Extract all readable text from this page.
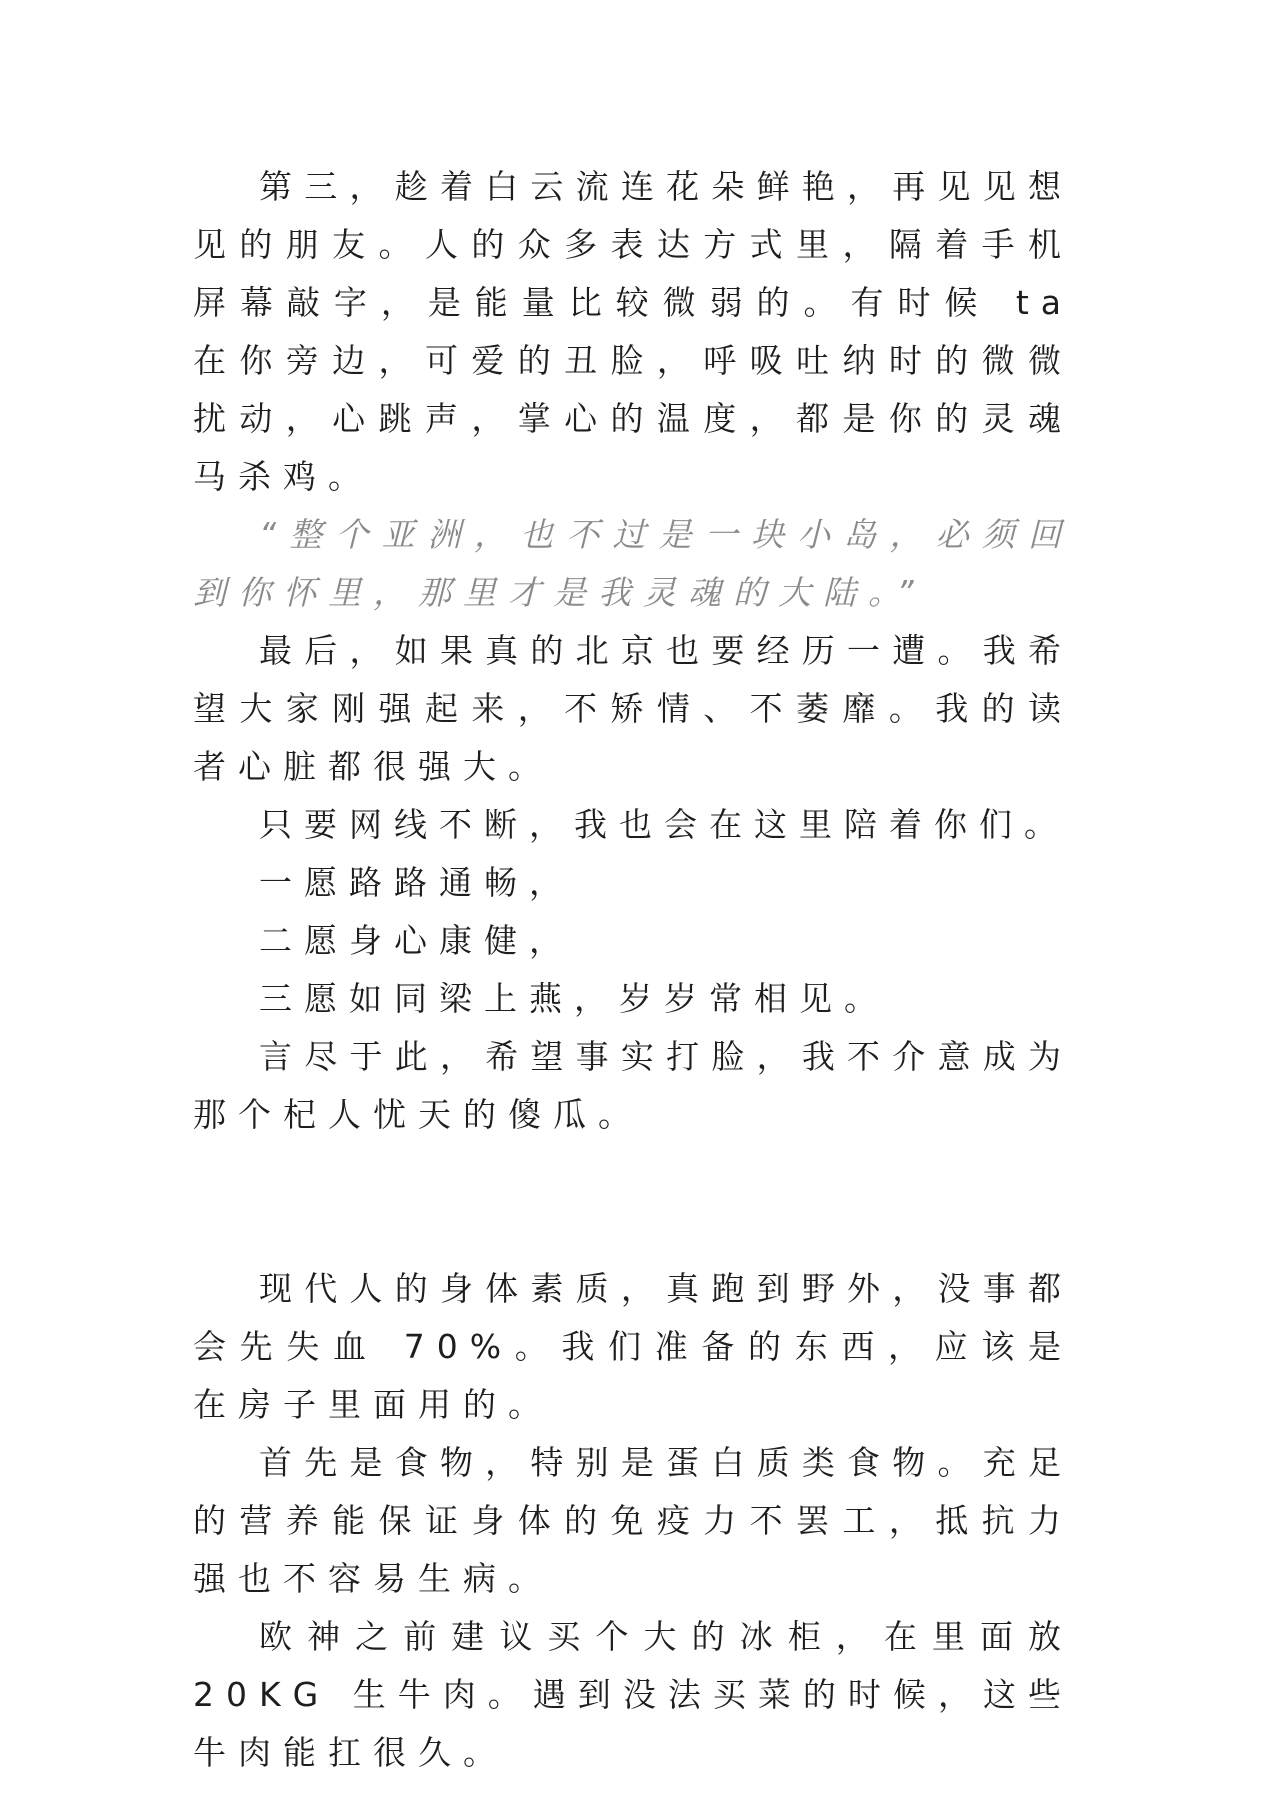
第三，趁着白云流连花朵鲜艳，再见见想见的朋友。人的众多表达方式里，隔着手机屏幕敲字，是能量比较微弱的。有时候 ta 在你旁边，可爱的丑脸，呼吸吐纳时的微微扰动，心跳声，掌心的温度，都是你的灵魂马杀鸡。

“整个亚洲，也不过是一块小岛，必须回到你怀里，那里才是我灵魂的大陆。”

最后，如果真的北京也要经历一遭。我希望大家刚强起来，不矫情、不萎靡。我的读者心脏都很强大。

只要网线不断，我也会在这里陪着你们。

一愿路路通畅，

二愿身心康健，

三愿如同梁上燕，岁岁常相见。

言尽于此，希望事实打脸，我不介意成为那个杞人忧天的傻瓜。

现代人的身体素质，真跑到野外，没事都会先失血 70%。我们准备的东西，应该是在房子里面用的。

首先是食物，特别是蛋白质类食物。充足的营养能保证身体的免疫力不罢工，抵抗力强也不容易生病。

欧神之前建议买个大的冰柜，在里面放 20KG 生牛肉。遇到没法买菜的时候，这些牛肉能扛很久。
